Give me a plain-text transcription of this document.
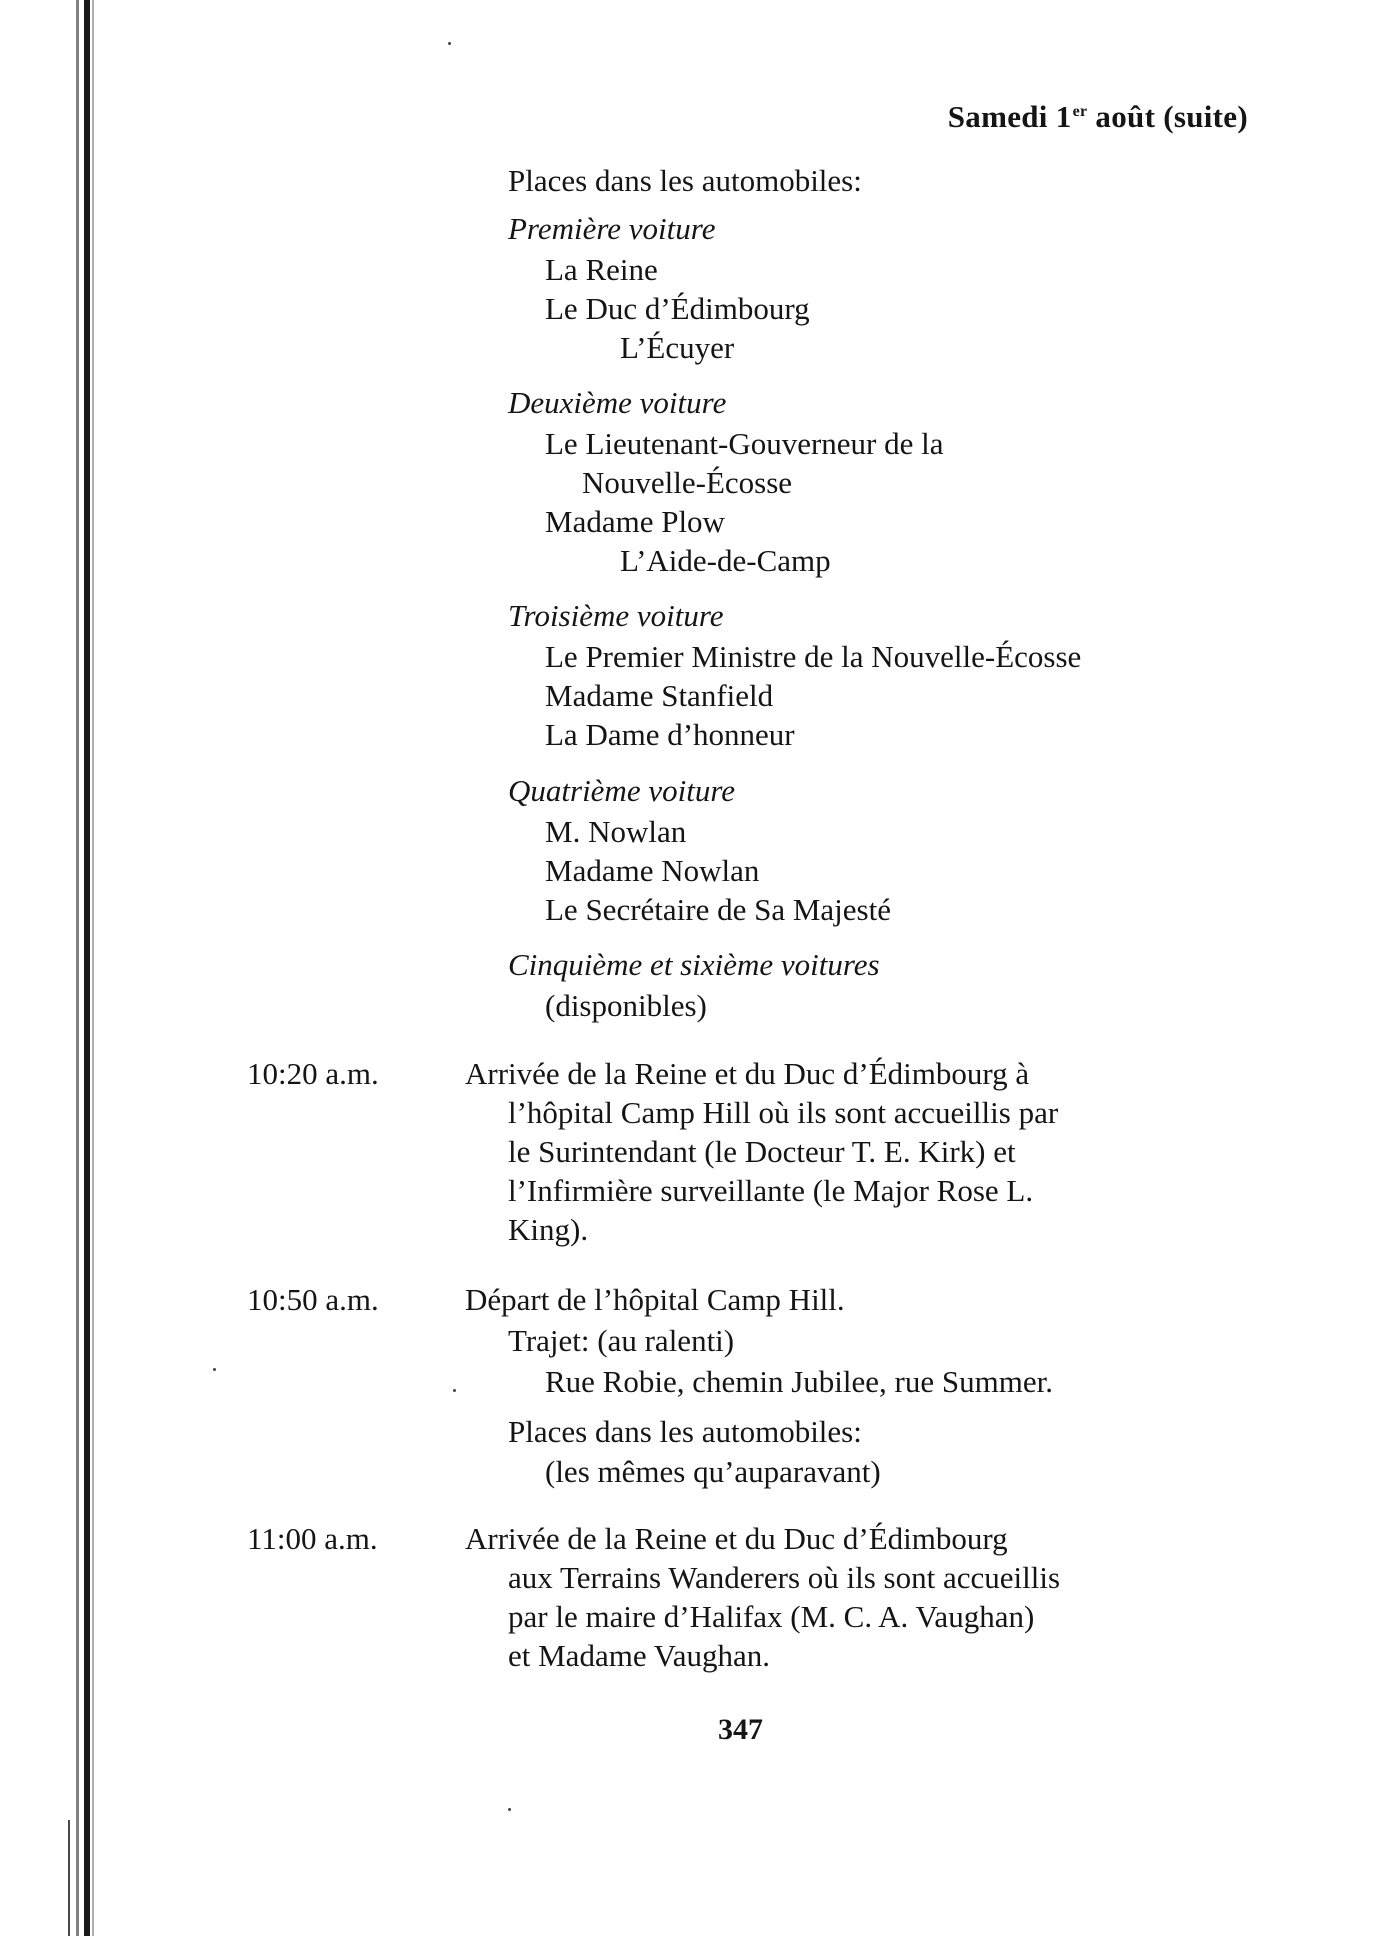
Samedi 1er août (suite)
Places dans les automobiles:
Première voiture
La Reine
Le Duc d’Édimbourg
L’Écuyer
Deuxième voiture
Le Lieutenant-Gouverneur de la
Nouvelle-Écosse
Madame Plow
L’Aide-de-Camp
Troisième voiture
Le Premier Ministre de la Nouvelle-Écosse
Madame Stanfield
La Dame d’honneur
Quatrième voiture
M. Nowlan
Madame Nowlan
Le Secrétaire de Sa Majesté
Cinquième et sixième voitures
(disponibles)
10:20 a.m.	Arrivée de la Reine et du Duc d’Édimbourg à
l’hôpital Camp Hill où ils sont accueillis par
le Surintendant (le Docteur T. E. Kirk) et
l’Infirmière surveillante (le Major Rose L.
King).
10:50 a.m.	Départ de l’hôpital Camp Hill.
Trajet: (au ralenti)
Rue Robie, chemin Jubilee, rue Summer.
Places dans les automobiles:
(les mêmes qu’auparavant)
11:00 a.m.	Arrivée de la Reine et du Duc d’Édimbourg
aux Terrains Wanderers où ils sont accueillis
par le maire d’Halifax (M. C. A. Vaughan)
et Madame Vaughan.
347
